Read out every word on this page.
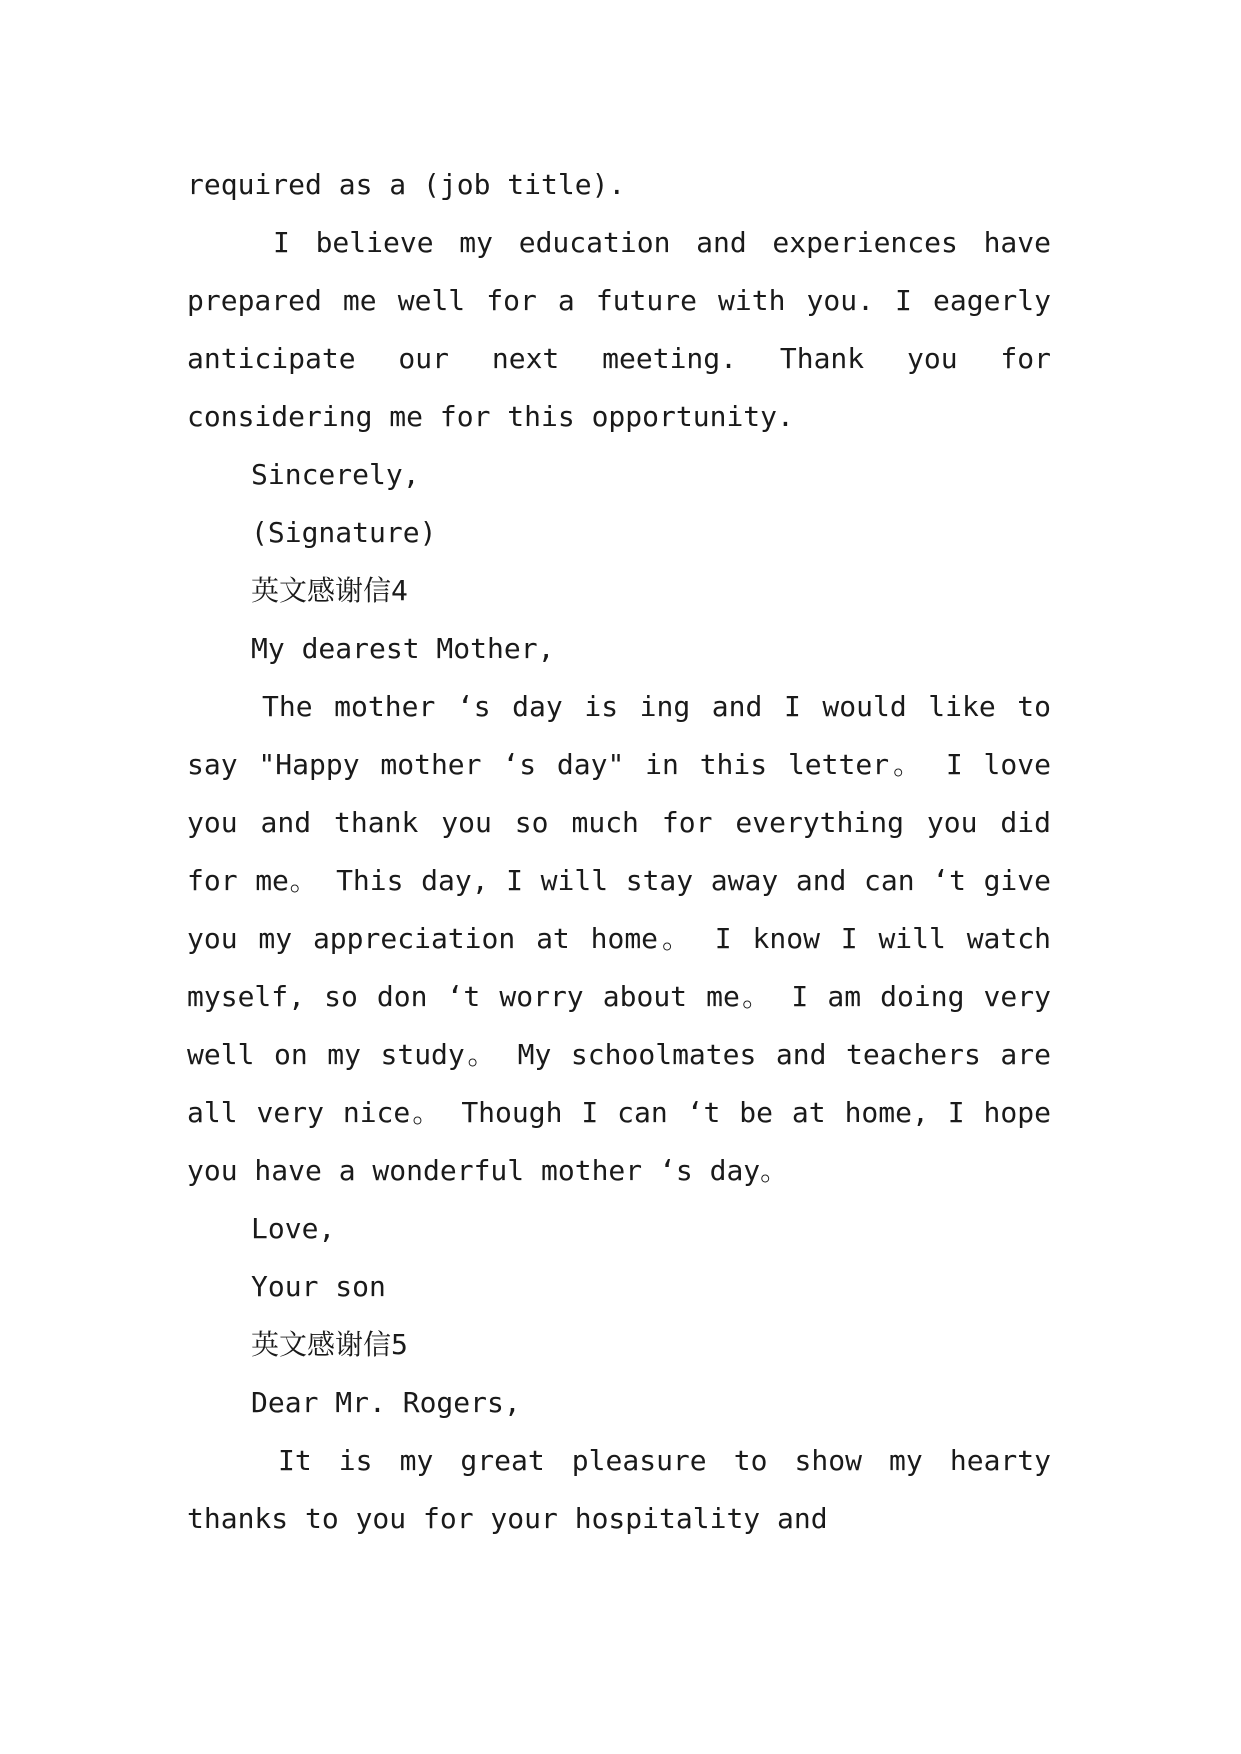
required as a (job title).
I believe my education and experiences have
prepared me well for a future with you. I eagerly
anticipate our next meeting. Thank you for
considering me for this opportunity.
Sincerely,
(Signature)
英文感谢信4
My dearest Mother,
The mother ‘s day is ing and I would like to
say "Happy mother ‘s day" in this letter。 I love
you and thank you so much for everything you did
for me。 This day, I will stay away and can ‘t give
you my appreciation at home。 I know I will watch
myself, so don ‘t worry about me。 I am doing very
well on my study。 My schoolmates and teachers are
all very nice。 Though I can ‘t be at home, I hope
you have a wonderful mother ‘s day。
Love,
Your son
英文感谢信5
Dear Mr. Rogers,
It is my great pleasure to show my hearty
thanks to you for your hospitality and
